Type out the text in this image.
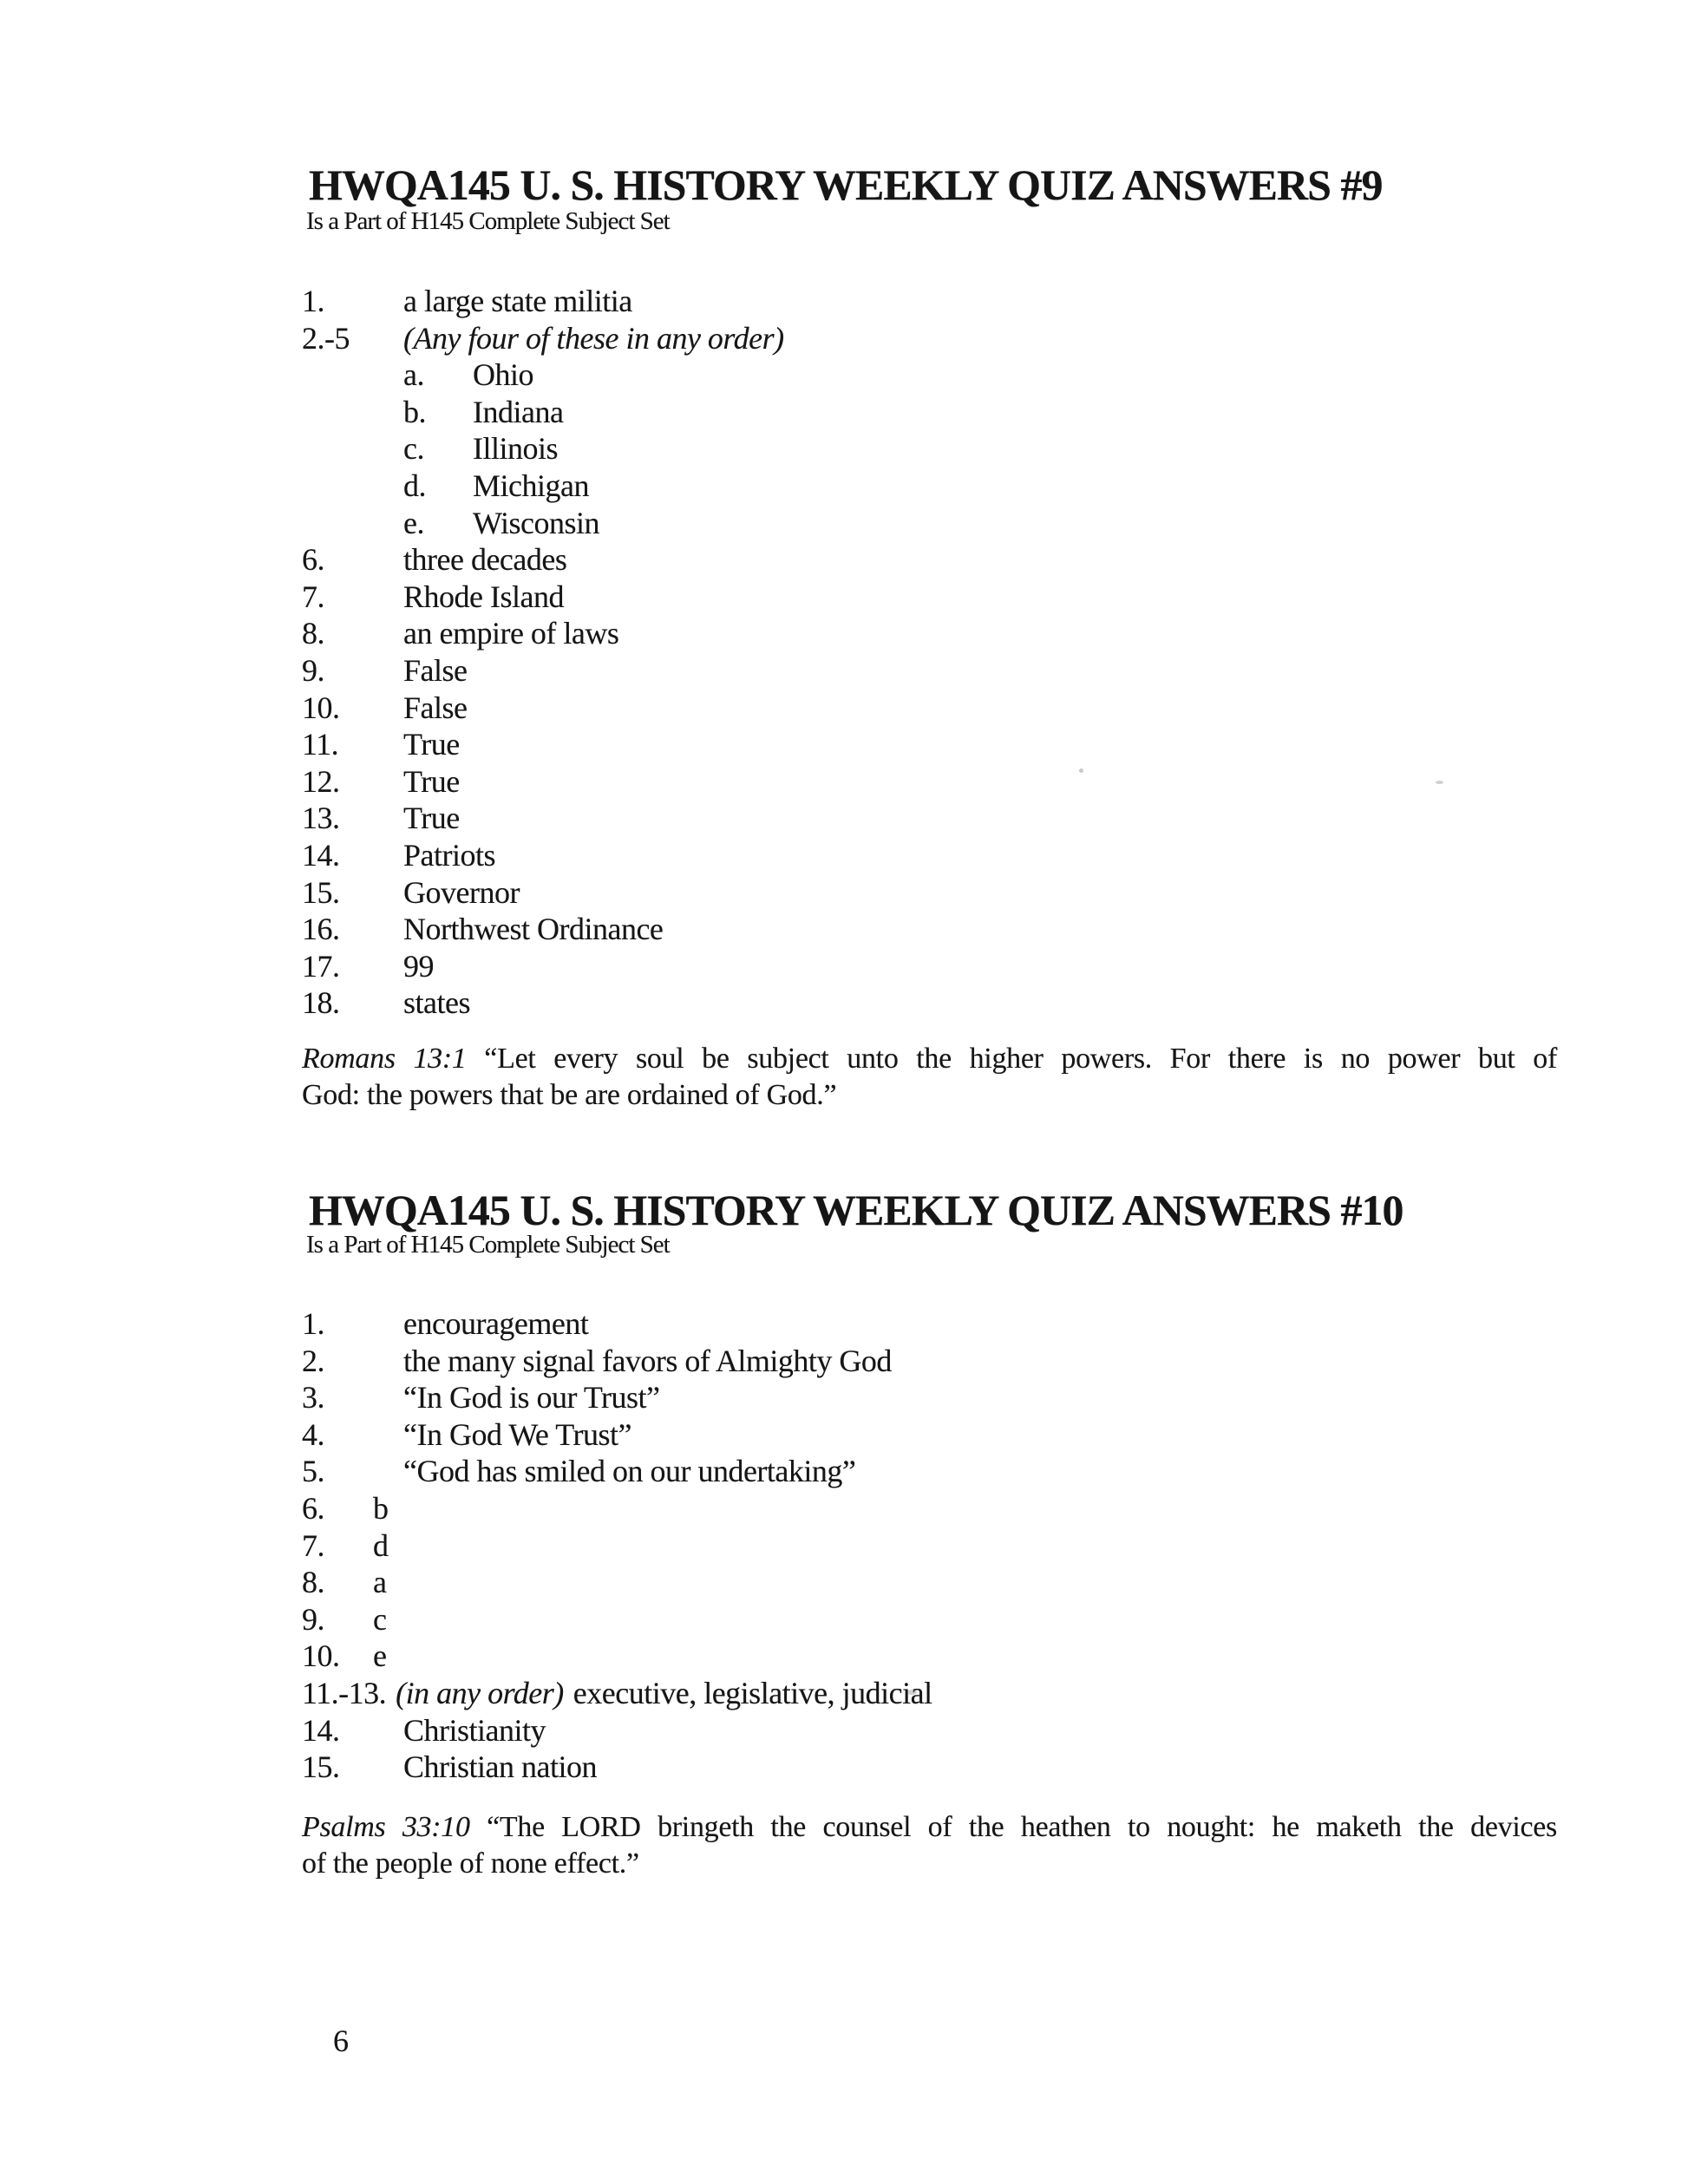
HWQA145 U. S. HISTORY WEEKLY QUIZ ANSWERS #9
Is a Part of H145 Complete Subject Set
1.	a large state militia
2.-5	(Any four of these in any order)
a.	Ohio
b.	Indiana
c.	Illinois
d.	Michigan
e.	Wisconsin
6.	three decades
7.	Rhode Island
8.	an empire of laws
9.	False
10.	False
11.	True
12.	True
13.	True
14.	Patriots
15.	Governor
16.	Northwest Ordinance
17.	99
18.	states
Romans 13:1 “Let every soul be subject unto the higher powers. For there is no power but of
God: the powers that be are ordained of God.”
HWQA145 U. S. HISTORY WEEKLY QUIZ ANSWERS #10
Is a Part of H145 Complete Subject Set
1.	encouragement
2.	the many signal favors of Almighty God
3.	“In God is our Trust”
4.	“In God We Trust”
5.	“God has smiled on our undertaking”
6.	b
7.	d
8.	a
9.	c
10.	e
11.-13. (in any order) executive, legislative, judicial
14.	Christianity
15.	Christian nation
Psalms 33:10 “The LORD bringeth the counsel of the heathen to nought: he maketh the devices
of the people of none effect.”
6
